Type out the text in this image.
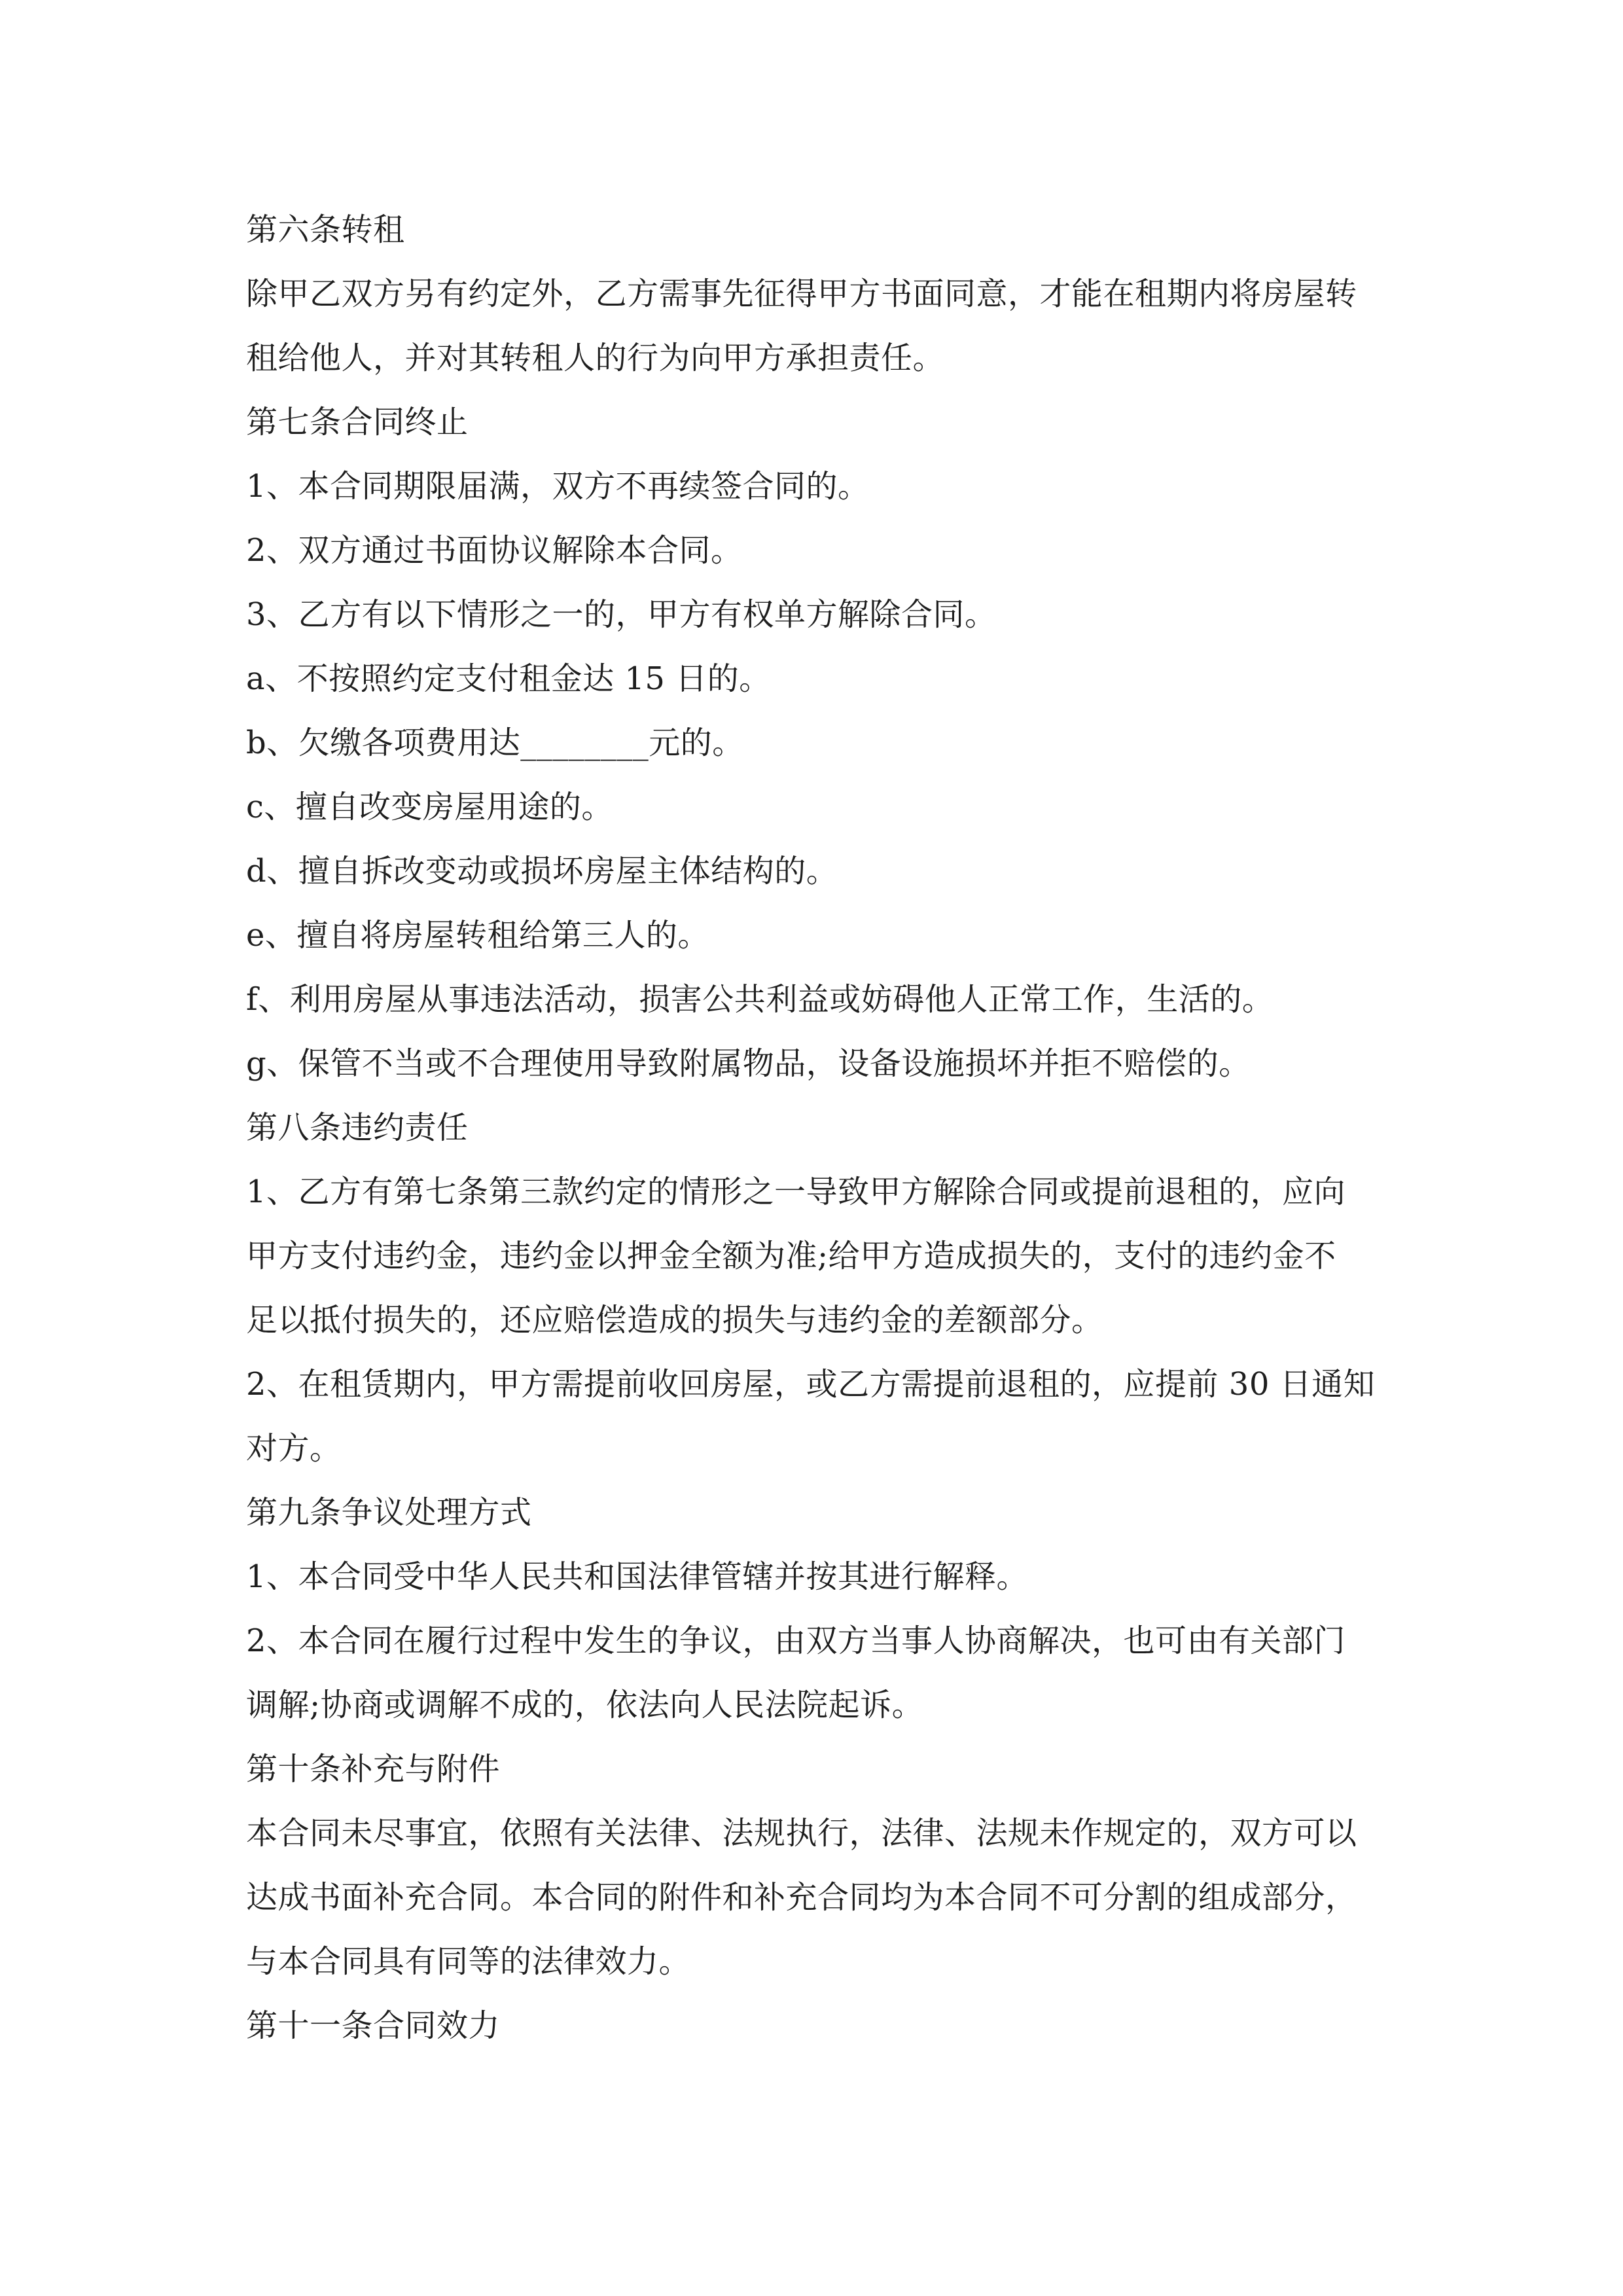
第六条转租
除甲乙双方另有约定外，乙方需事先征得甲方书面同意，才能在租期内将房屋转
租给他人，并对其转租人的行为向甲方承担责任。
第七条合同终止
1、本合同期限届满，双方不再续签合同的。
2、双方通过书面协议解除本合同。
3、乙方有以下情形之一的，甲方有权单方解除合同。
a、不按照约定支付租金达 15 日的。
b、欠缴各项费用达________元的。
c、擅自改变房屋用途的。
d、擅自拆改变动或损坏房屋主体结构的。
e、擅自将房屋转租给第三人的。
f、利用房屋从事违法活动，损害公共利益或妨碍他人正常工作，生活的。
g、保管不当或不合理使用导致附属物品，设备设施损坏并拒不赔偿的。
第八条违约责任
1、乙方有第七条第三款约定的情形之一导致甲方解除合同或提前退租的，应向
甲方支付违约金，违约金以押金全额为准;给甲方造成损失的，支付的违约金不
足以抵付损失的，还应赔偿造成的损失与违约金的差额部分。
2、在租赁期内，甲方需提前收回房屋，或乙方需提前退租的，应提前 30 日通知
对方。
第九条争议处理方式
1、本合同受中华人民共和国法律管辖并按其进行解释。
2、本合同在履行过程中发生的争议，由双方当事人协商解决，也可由有关部门
调解;协商或调解不成的，依法向人民法院起诉。
第十条补充与附件
本合同未尽事宜，依照有关法律、法规执行，法律、法规未作规定的，双方可以
达成书面补充合同。本合同的附件和补充合同均为本合同不可分割的组成部分，
与本合同具有同等的法律效力。
第十一条合同效力
